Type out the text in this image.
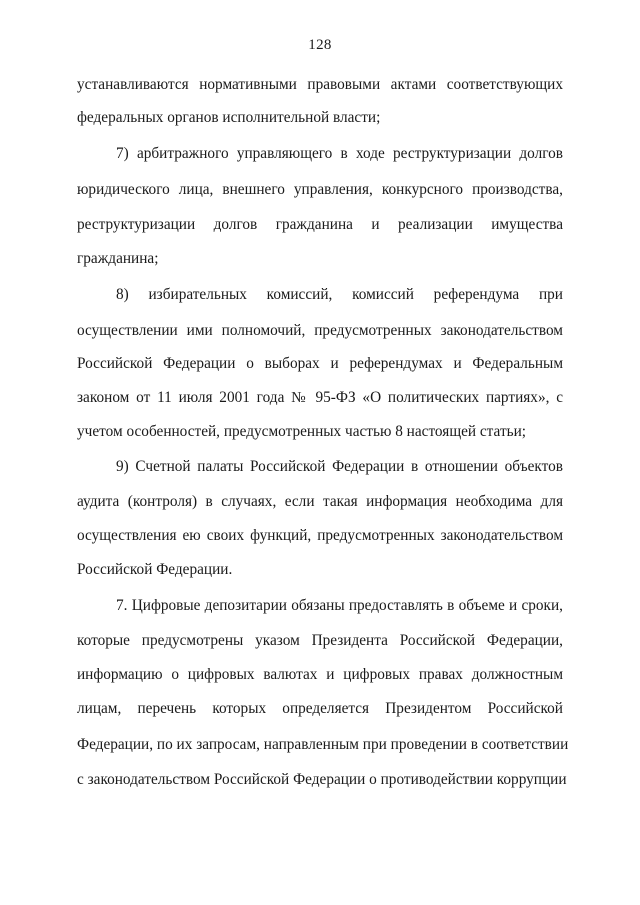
128
устанавливаются нормативными правовыми актами соответствующих
федеральных органов исполнительной власти;
7) арбитражного управляющего в ходе реструктуризации долгов
юридического лица, внешнего управления, конкурсного производства,
реструктуризации долгов гражданина и реализации имущества
гражданина;
8) избирательных комиссий, комиссий референдума при
осуществлении ими полномочий, предусмотренных законодательством
Российской Федерации о выборах и референдумах и Федеральным
законом от 11 июля 2001 года № 95-ФЗ «О политических партиях», с
учетом особенностей, предусмотренных частью 8 настоящей статьи;
9) Счетной палаты Российской Федерации в отношении объектов
аудита (контроля) в случаях, если такая информация необходима для
осуществления ею своих функций, предусмотренных законодательством
Российской Федерации.
7. Цифровые депозитарии обязаны предоставлять в объеме и сроки,
которые предусмотрены указом Президента Российской Федерации,
информацию о цифровых валютах и цифровых правах должностным
лицам, перечень которых определяется Президентом Российской
Федерации, по их запросам, направленным при проведении в соответствии
с законодательством Российской Федерации о противодействии коррупции
